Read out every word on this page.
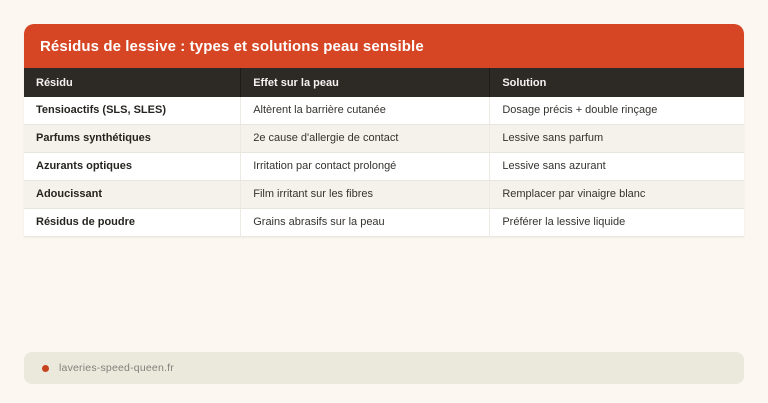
Résidus de lessive : types et solutions peau sensible
Résidu	Effet sur la peau	Solution
Tensioactifs (SLS, SLES)	Altèrent la barrière cutanée	Dosage précis + double rinçage
Parfums synthétiques	2e cause d'allergie de contact	Lessive sans parfum
Azurants optiques	Irritation par contact prolongé	Lessive sans azurant
Adoucissant	Film irritant sur les fibres	Remplacer par vinaigre blanc
Résidus de poudre	Grains abrasifs sur la peau	Préférer la lessive liquide
laveries-speed-queen.fr
